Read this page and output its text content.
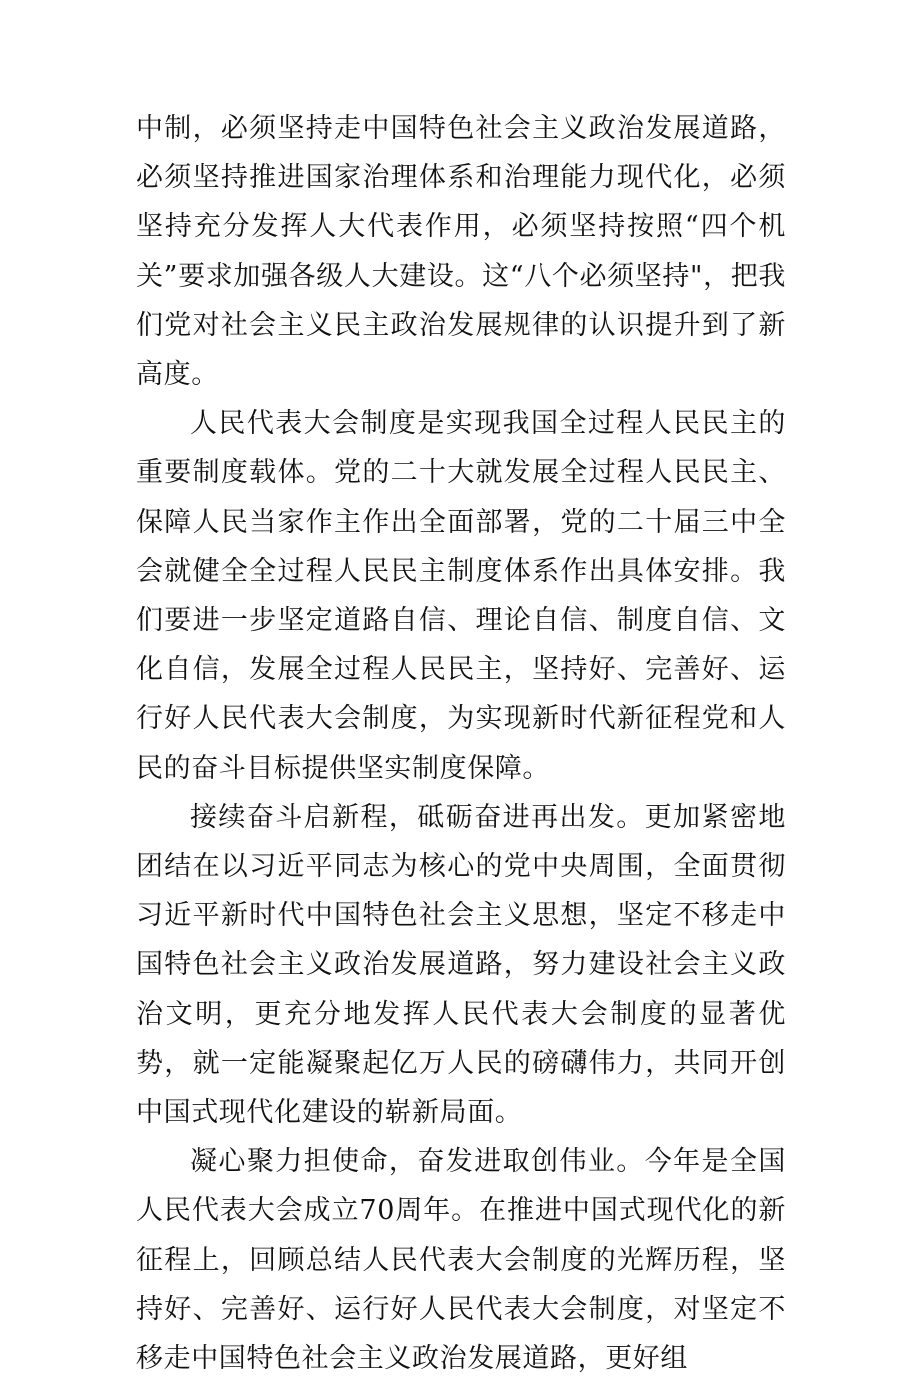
中制，必须坚持走中国特色社会主义政治发展道路，必须坚持推进国家治理体系和治理能力现代化，必须坚持充分发挥人大代表作用，必须坚持按照“四个机关”要求加强各级人大建设。这“八个必须坚持"，把我们党对社会主义民主政治发展规律的认识提升到了新高度。

人民代表大会制度是实现我国全过程人民民主的重要制度载体。党的二十大就发展全过程人民民主、保障人民当家作主作出全面部署，党的二十届三中全会就健全全过程人民民主制度体系作出具体安排。我们要进一步坚定道路自信、理论自信、制度自信、文化自信，发展全过程人民民主，坚持好、完善好、运行好人民代表大会制度，为实现新时代新征程党和人民的奋斗目标提供坚实制度保障。

接续奋斗启新程，砥砺奋进再出发。更加紧密地团结在以习近平同志为核心的党中央周围，全面贯彻习近平新时代中国特色社会主义思想，坚定不移走中国特色社会主义政治发展道路，努力建设社会主义政治文明，更充分地发挥人民代表大会制度的显著优势，就一定能凝聚起亿万人民的磅礴伟力，共同开创中国式现代化建设的崭新局面。

凝心聚力担使命，奋发进取创伟业。今年是全国人民代表大会成立70周年。在推进中国式现代化的新征程上，回顾总结人民代表大会制度的光辉历程，坚持好、完善好、运行好人民代表大会制度，对坚定不移走中国特色社会主义政治发展道路，更好组
